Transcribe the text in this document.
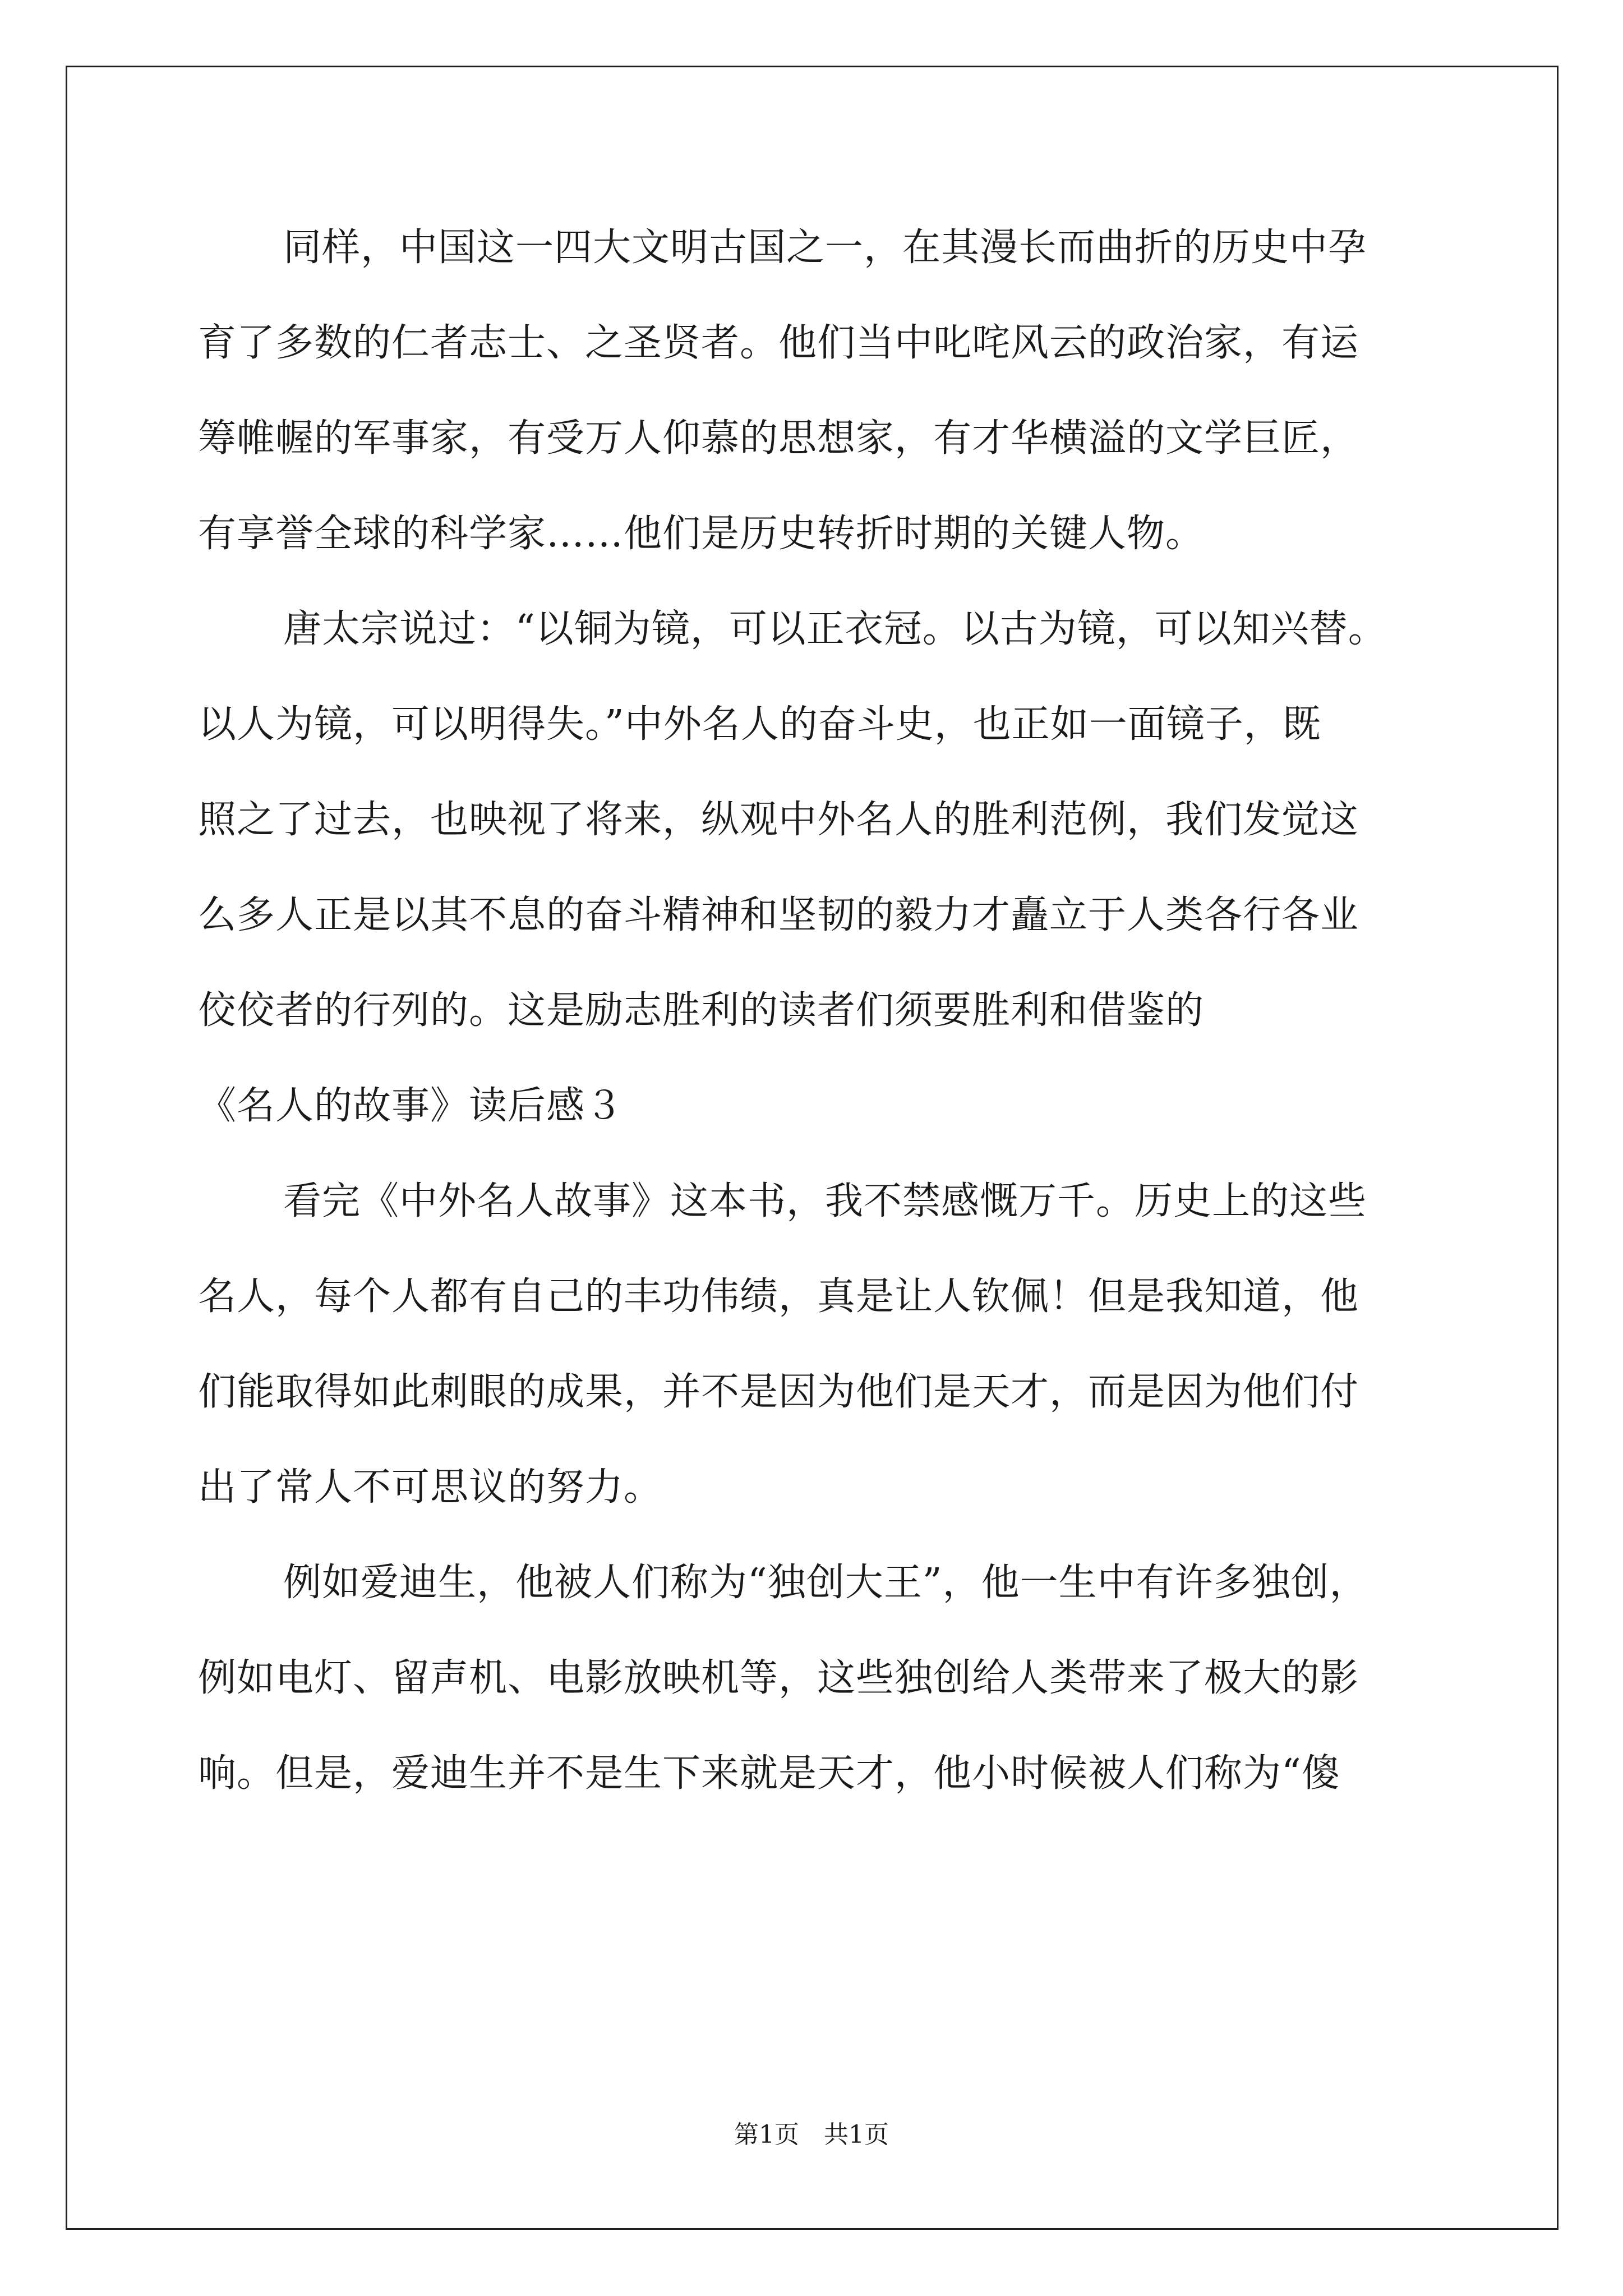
同样，中国这一四大文明古国之一，在其漫长而曲折的历史中孕
育了多数的仁者志士、之圣贤者。他们当中叱咤风云的政治家，有运
筹帷幄的军事家，有受万人仰慕的思想家，有才华横溢的文学巨匠，
有享誉全球的科学家……他们是历史转折时期的关键人物。
唐太宗说过：“以铜为镜，可以正衣冠。以古为镜，可以知兴替。
以人为镜，可以明得失。”中外名人的奋斗史，也正如一面镜子，既
照之了过去，也映视了将来，纵观中外名人的胜利范例，我们发觉这
么多人正是以其不息的奋斗精神和坚韧的毅力才矗立于人类各行各业
佼佼者的行列的。这是励志胜利的读者们须要胜利和借鉴的
《名人的故事》读后感３
看完《中外名人故事》这本书，我不禁感慨万千。历史上的这些
名人，每个人都有自己的丰功伟绩，真是让人钦佩！但是我知道，他
们能取得如此刺眼的成果，并不是因为他们是天才，而是因为他们付
出了常人不可思议的努力。
例如爱迪生，他被人们称为“独创大王”，他一生中有许多独创，
例如电灯、留声机、电影放映机等，这些独创给人类带来了极大的影
响。但是，爱迪生并不是生下来就是天才，他小时候被人们称为“傻
第1页　共1页
